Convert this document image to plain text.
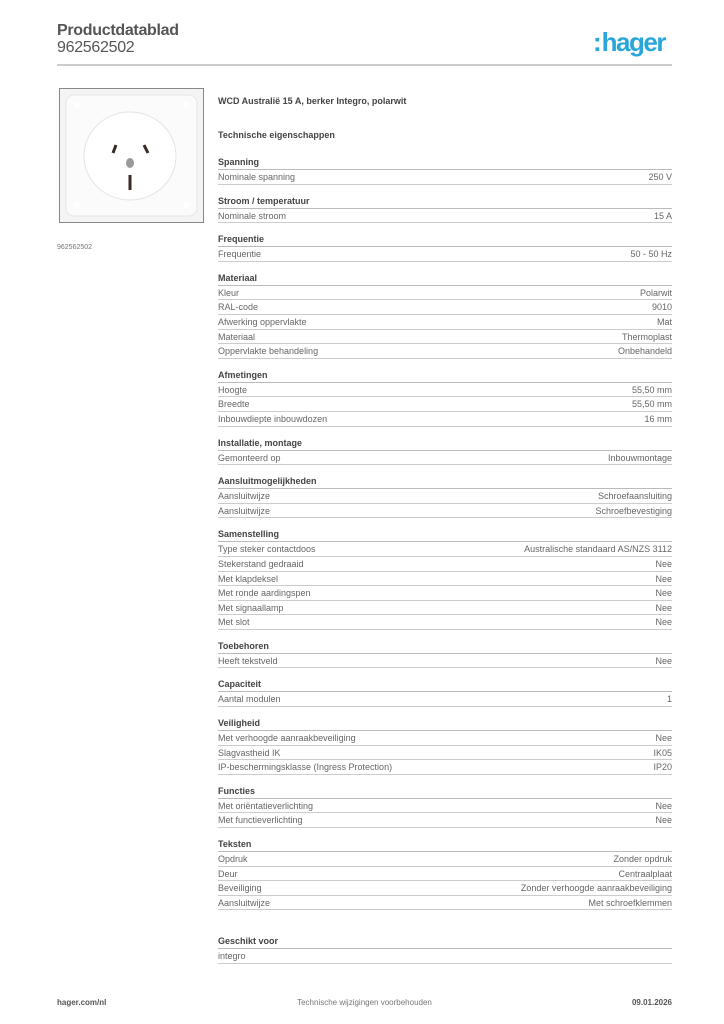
Productdatablad
962562502	:hager
962562502
WCD Australië 15 A, berker Integro, polarwit
Technische eigenschappen
Spanning
Nominale spanning	250 V
Stroom / temperatuur
Nominale stroom	15 A
Frequentie
Frequentie	50 - 50 Hz
Materiaal
Kleur	Polarwit
RAL-code	9010
Afwerking oppervlakte	Mat
Materiaal	Thermoplast
Oppervlakte behandeling	Onbehandeld
Afmetingen
Hoogte	55,50 mm
Breedte	55,50 mm
Inbouwdiepte inbouwdozen	16 mm
Installatie, montage
Gemonteerd op	Inbouwmontage
Aansluitmogelijkheden
Aansluitwijze	Schroefaansluiting
Aansluitwijze	Schroefbevestiging
Samenstelling
Type steker contactdoos	Australische standaard AS/NZS 3112
Stekerstand gedraaid	Nee
Met klapdeksel	Nee
Met ronde aardingspen	Nee
Met signaallamp	Nee
Met slot	Nee
Toebehoren
Heeft tekstveld	Nee
Capaciteit
Aantal modulen	1
Veiligheid
Met verhoogde aanraakbeveiliging	Nee
Slagvastheid IK	IK05
IP-beschermingsklasse (Ingress Protection)	IP20
Functies
Met oriëntatieverlichting	Nee
Met functieverlichting	Nee
Teksten
Opdruk	Zonder opdruk
Deur	Centraalplaat
Beveiliging	Zonder verhoogde aanraakbeveiliging
Aansluitwijze	Met schroefklemmen
Geschikt voor
integro
hager.com/nl	Technische wijzigingen voorbehouden	09.01.2026
